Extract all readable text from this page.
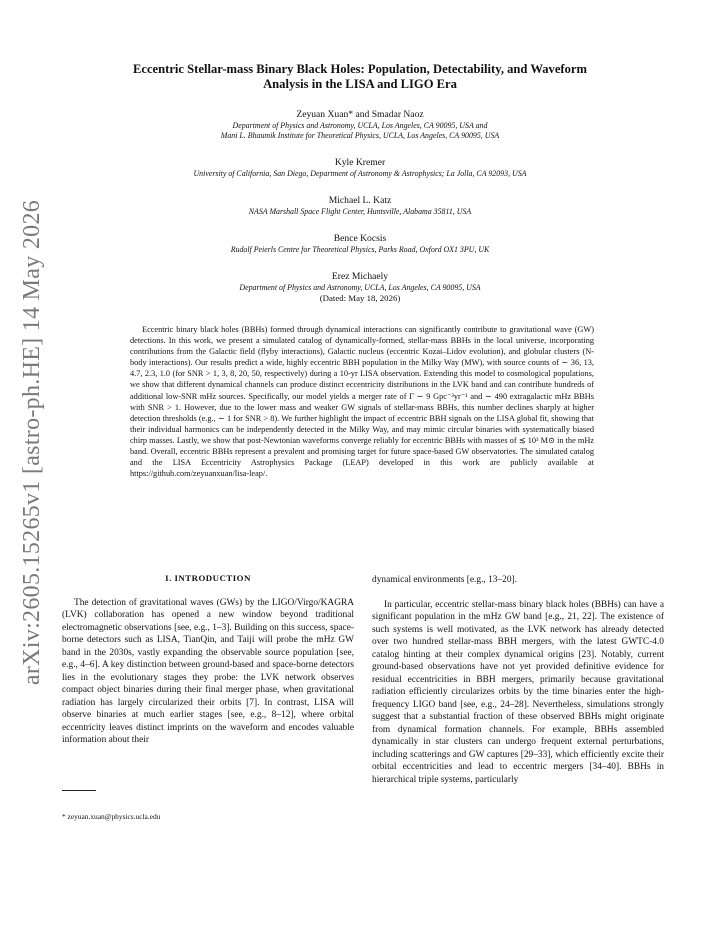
arXiv:2605.15265v1 [astro-ph.HE] 14 May 2026
Eccentric Stellar-mass Binary Black Holes: Population, Detectability, and Waveform
Analysis in the LISA and LIGO Era
Zeyuan Xuan* and Smadar Naoz
Department of Physics and Astronomy, UCLA, Los Angeles, CA 90095, USA and
Mani L. Bhaumik Institute for Theoretical Physics, UCLA, Los Angeles, CA 90095, USA
Kyle Kremer
University of California, San Diego, Department of Astronomy & Astrophysics; La Jolla, CA 92093, USA
Michael L. Katz
NASA Marshall Space Flight Center, Huntsville, Alabama 35811, USA
Bence Kocsis
Rudolf Peierls Centre for Theoretical Physics, Parks Road, Oxford OX1 3PU, UK
Erez Michaely
Department of Physics and Astronomy, UCLA, Los Angeles, CA 90095, USA
(Dated: May 18, 2026)

Eccentric binary black holes (BBHs) formed through dynamical interactions can significantly contribute to gravitational wave (GW) detections. In this work, we present a simulated catalog of dynamically-formed, stellar-mass BBHs in the local universe, incorporating contributions from the Galactic field (flyby interactions), Galactic nucleus (eccentric Kozai–Lidov evolution), and globular clusters (N-body interactions). Our results predict a wide, highly eccentric BBH population in the Milky Way (MW), with source counts of ∼ 36, 13, 4.7, 2.3, 1.0 (for SNR > 1, 3, 8, 20, 50, respectively) during a 10-yr LISA observation. Extending this model to cosmological populations, we show that different dynamical channels can produce distinct eccentricity distributions in the LVK band and can contribute hundreds of additional low-SNR mHz sources. Specifically, our model yields a merger rate of Γ ∼ 9 Gpc⁻³yr⁻¹ and ∼ 490 extragalactic mHz BBHs with SNR > 1. However, due to the lower mass and weaker GW signals of stellar-mass BBHs, this number declines sharply at higher detection thresholds (e.g., ∼ 1 for SNR > 8). We further highlight the impact of eccentric BBH signals on the LISA global fit, showing that their individual harmonics can be independently detected in the Milky Way, and may mimic circular binaries with systematically biased chirp masses. Lastly, we show that post-Newtonian waveforms converge reliably for eccentric BBHs with masses of ≲ 10³ M⊙ in the mHz band. Overall, eccentric BBHs represent a prevalent and promising target for future space-based GW observatories. The simulated catalog and the LISA Eccentricity Astrophysics Package (LEAP) developed in this work are publicly available at https://github.com/zeyuanxuan/lisa-leap/.

I. INTRODUCTION

The detection of gravitational waves (GWs) by the LIGO/Virgo/KAGRA (LVK) collaboration has opened a new window beyond traditional electromagnetic observations [see, e.g., 1–3]. Building on this success, space-borne detectors such as LISA, TianQin, and Taiji will probe the mHz GW band in the 2030s, vastly expanding the observable source population [see, e.g., 4–6]. A key distinction between ground-based and space-borne detectors lies in the evolutionary stages they probe: the LVK network observes compact object binaries during their final merger phase, when gravitational radiation has largely circularized their orbits [7]. In contrast, LISA will observe binaries at much earlier stages [see, e.g., 8–12], where orbital eccentricity leaves distinct imprints on the waveform and encodes valuable information about their

dynamical environments [e.g., 13–20].

In particular, eccentric stellar-mass binary black holes (BBHs) can have a significant population in the mHz GW band [e.g., 21, 22]. The existence of such systems is well motivated, as the LVK network has already detected over two hundred stellar-mass BBH mergers, with the latest GWTC-4.0 catalog hinting at their complex dynamical origins [23]. Notably, current ground-based observations have not yet provided definitive evidence for residual eccentricities in BBH mergers, primarily because gravitational radiation efficiently circularizes orbits by the time binaries enter the high-frequency LIGO band [see, e.g., 24–28]. Nevertheless, simulations strongly suggest that a substantial fraction of these observed BBHs might originate from dynamical formation channels. For example, BBHs assembled dynamically in star clusters can undergo frequent external perturbations, including scatterings and GW captures [29–33], which efficiently excite their orbital eccentricities and lead to eccentric mergers [34–40]. BBHs in hierarchical triple systems, particularly

* zeyuan.xuan@physics.ucla.edu
